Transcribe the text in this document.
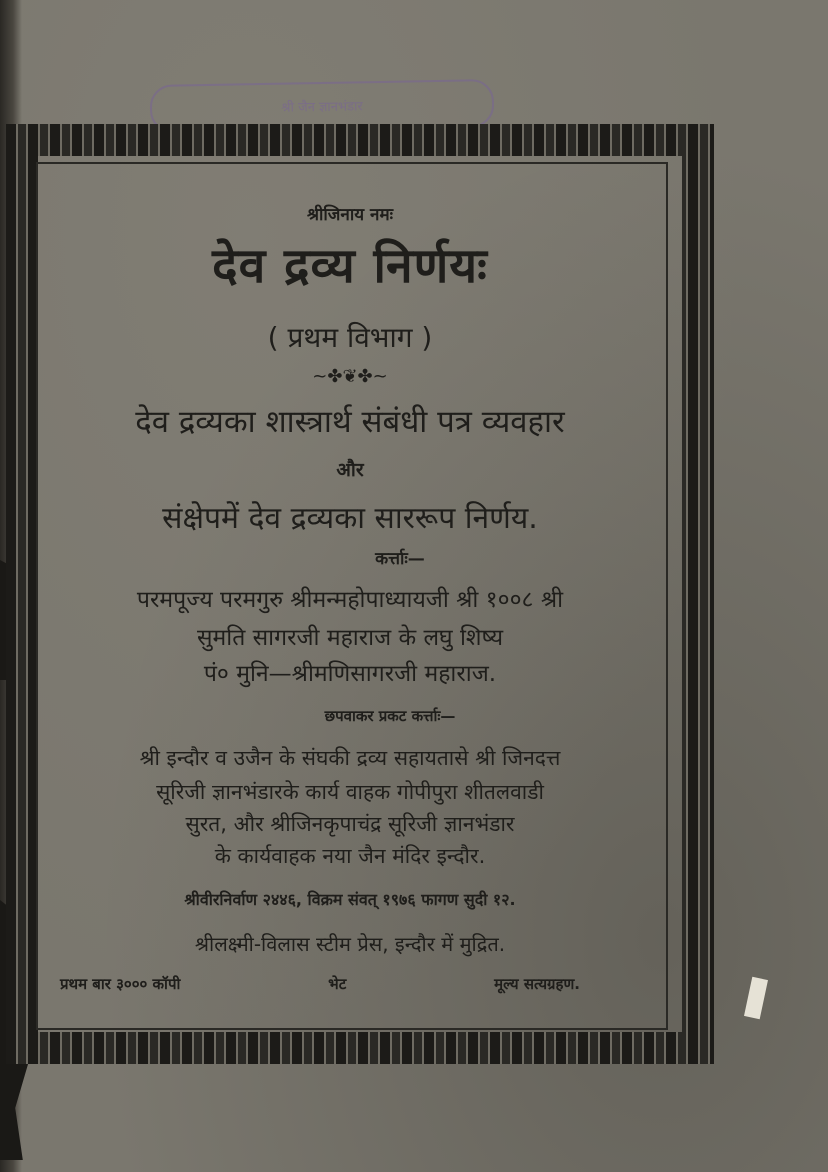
श्री जैन ज्ञानभंडार
श्रीजिनाय नमः
देव द्रव्य निर्णयः
( प्रथम विभाग )
~✤❦✤~
देव द्रव्यका शास्त्रार्थ संबंधी पत्र व्यवहार
और
संक्षेपमें देव द्रव्यका साररूप निर्णय.
कर्त्ताः—
परमपूज्य परमगुरु श्रीमन्महोपाध्यायजी श्री १००८ श्री
सुमति सागरजी महाराज के लघु शिष्य
पं० मुनि—श्रीमणिसागरजी महाराज.
छपवाकर प्रकट कर्त्ताः—
श्री इन्दौर व उजैन के संघकी द्रव्य सहायतासे श्री जिनदत्त
सूरिजी ज्ञानभंडारके कार्य वाहक गोपीपुरा शीतलवाडी
सुरत, और श्रीजिनकृपाचंद्र सूरिजी ज्ञानभंडार
के कार्यवाहक नया जैन मंदिर इन्दौर.
श्रीवीरनिर्वाण २४४६, विक्रम संवत् १९७६ फागण सुदी १२.
श्रीलक्ष्मी-विलास स्टीम प्रेस, इन्दौर में मुद्रित.
प्रथम बार ३००० कॉपी	भेट	मूल्य सत्यग्रहण.
